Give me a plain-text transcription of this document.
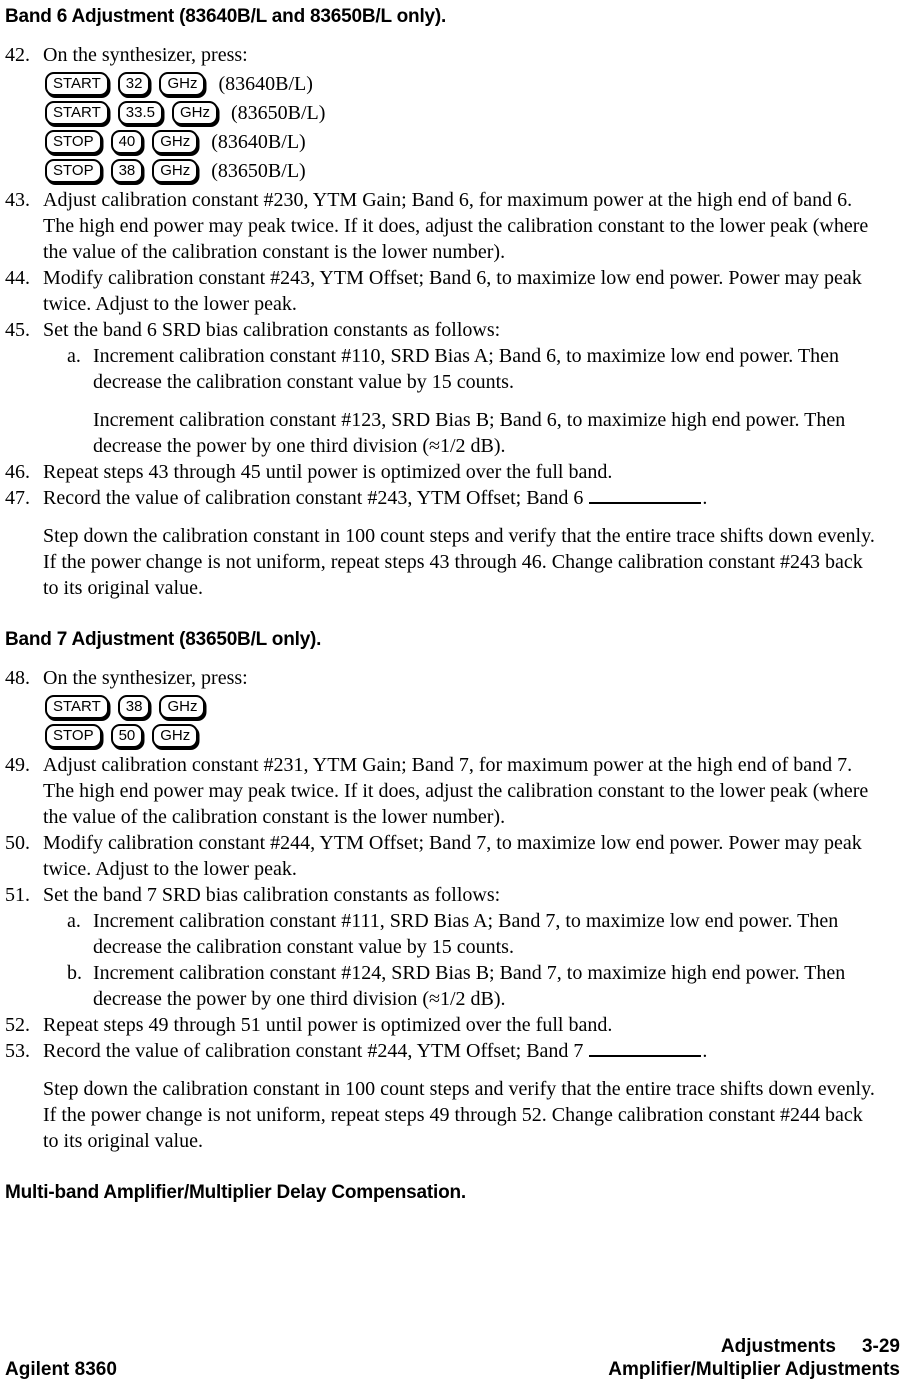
Band 6 Adjustment (83640B/L and 83650B/L only).
42. On the synthesizer, press:
START	32	GHz	(83640B/L)
START	33.5	GHz	(83650B/L)
STOP	40	GHz	(83640B/L)
STOP	38	GHz	(83650B/L)
43. Adjust calibration constant #230, YTM Gain; Band 6, for maximum power at the high end of band 6. The high end power may peak twice. If it does, adjust the calibration constant to the lower peak (where the value of the calibration constant is the lower number).
44. Modify calibration constant #243, YTM Offset; Band 6, to maximize low end power. Power may peak twice. Adjust to the lower peak.
45. Set the band 6 SRD bias calibration constants as follows:
a. Increment calibration constant #110, SRD Bias A; Band 6, to maximize low end power. Then decrease the calibration constant value by 15 counts.
Increment calibration constant #123, SRD Bias B; Band 6, to maximize high end power. Then decrease the power by one third division (≈1/2 dB).
46. Repeat steps 43 through 45 until power is optimized over the full band.
47. Record the value of calibration constant #243, YTM Offset; Band 6	.
Step down the calibration constant in 100 count steps and verify that the entire trace shifts down evenly. If the power change is not uniform, repeat steps 43 through 46. Change calibration constant #243 back to its original value.
Band 7 Adjustment (83650B/L only).
48. On the synthesizer, press:
START	38	GHz
STOP	50	GHz
49. Adjust calibration constant #231, YTM Gain; Band 7, for maximum power at the high end of band 7. The high end power may peak twice. If it does, adjust the calibration constant to the lower peak (where the value of the calibration constant is the lower number).
50. Modify calibration constant #244, YTM Offset; Band 7, to maximize low end power. Power may peak twice. Adjust to the lower peak.
51. Set the band 7 SRD bias calibration constants as follows:
a. Increment calibration constant #111, SRD Bias A; Band 7, to maximize low end power. Then decrease the calibration constant value by 15 counts.
b. Increment calibration constant #124, SRD Bias B; Band 7, to maximize high end power. Then decrease the power by one third division (≈1/2 dB).
52. Repeat steps 49 through 51 until power is optimized over the full band.
53. Record the value of calibration constant #244, YTM Offset; Band 7	.
Step down the calibration constant in 100 count steps and verify that the entire trace shifts down evenly. If the power change is not uniform, repeat steps 49 through 52. Change calibration constant #244 back to its original value.
Multi-band Amplifier/Multiplier Delay Compensation.
Agilent 8360
Adjustments 3-29
Amplifier/Multiplier Adjustments
